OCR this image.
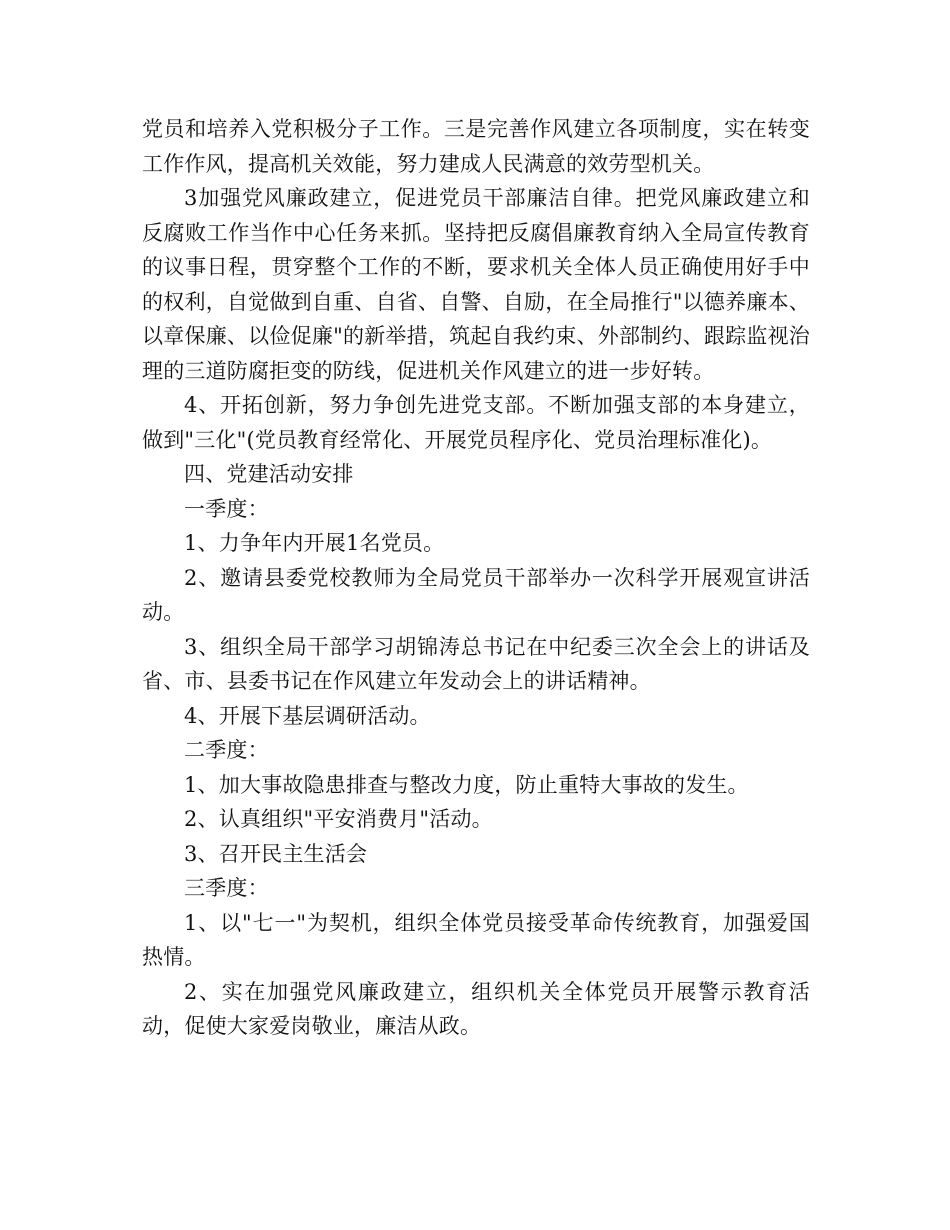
党员和培养入党积极分子工作。三是完善作风建立各项制度，实在转变工作作风，提高机关效能，努力建成人民满意的效劳型机关。

3加强党风廉政建立，促进党员干部廉洁自律。把党风廉政建立和反腐败工作当作中心任务来抓。坚持把反腐倡廉教育纳入全局宣传教育的议事日程，贯穿整个工作的不断，要求机关全体人员正确使用好手中的权利，自觉做到自重、自省、自警、自励，在全局推行"以德养廉本、以章保廉、以俭促廉"的新举措，筑起自我约束、外部制约、跟踪监视治理的三道防腐拒变的防线，促进机关作风建立的进一步好转。

4、开拓创新，努力争创先进党支部。不断加强支部的本身建立，做到"三化"(党员教育经常化、开展党员程序化、党员治理标准化)。

四、党建活动安排

一季度：

1、力争年内开展1名党员。

2、邀请县委党校教师为全局党员干部举办一次科学开展观宣讲活动。

3、组织全局干部学习胡锦涛总书记在中纪委三次全会上的讲话及省、市、县委书记在作风建立年发动会上的讲话精神。

4、开展下基层调研活动。

二季度：

1、加大事故隐患排查与整改力度，防止重特大事故的发生。

2、认真组织"平安消费月"活动。

3、召开民主生活会

三季度：

1、以"七一"为契机，组织全体党员接受革命传统教育，加强爱国热情。

2、实在加强党风廉政建立，组织机关全体党员开展警示教育活动，促使大家爱岗敬业，廉洁从政。
